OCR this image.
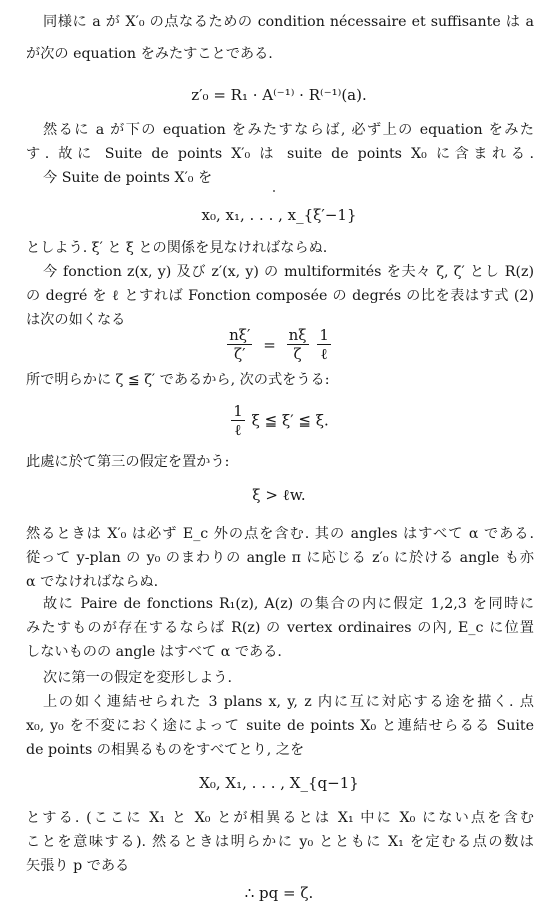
同様に a が X′₀ の点なるための condition nécessaire et suffisante は a
が次の equation をみたすことである.
z′₀ = R₁ · A⁽⁻¹⁾ · R⁽⁻¹⁾(a).
然るに a が下の equation をみたすならば, 必ず上の equation をみた
す. 故に Suite de points X′₀ は suite de points X₀ に含まれる.
今 Suite de points X′₀ を
x₀, x₁, . . . , x_{ξ′−1}
としよう. ξ′ と ξ との関係を見なければならぬ.
今 fonction z(x, y) 及び z′(x, y) の multiformités を夫々 ζ, ζ′ とし R(z)
の degré を ℓ とすれば Fonction composée の degrés の比を表はす式 (2)
は次の如くなる
$\frac{n\xi'}{\zeta'} = \frac{n\xi}{\zeta}$
$\frac{1}{\text{ℓ}}$
所で明らかに ζ ≦ ζ′ であるから, 次の式をうる:
$\frac{1}{\text{ℓ}}$ ξ ≦ ξ′ ≦ ξ.
此處に於て第三の假定を置かう:
ξ > ℓw.
然るときは X′₀ は必ず E_c 外の点を含む. 其の angles はすべて α である.
從って y-plan の y₀ のまわりの angle π に応じる z′₀ に於ける angle も亦
α でなければならぬ.
故に Paire de fonctions R₁(z), A(z) の集合の内に假定 1,2,3 を同時に
みたすものが存在するならば R(z) の vertex ordinaires の內, E_c に位置
しないものの angle はすべて α である.
次に第一の假定を変形しよう.
上の如く連結せられた 3 plans x, y, z 内に互に対応する途を描く. 点
x₀, y₀ を不変におく途によって suite de points X₀ と連結せらるる Suite
de points の相異るものをすべてとり, 之を
X₀, X₁, . . . , X_{q−1}
とする. (ここに X₁ と X₀ とが相異るとは X₁ 中に X₀ にない点を含む
ことを意味する). 然るときは明らかに y₀ とともに X₁ を定むる点の数は
矢張り p である
∴ pq = ζ.
